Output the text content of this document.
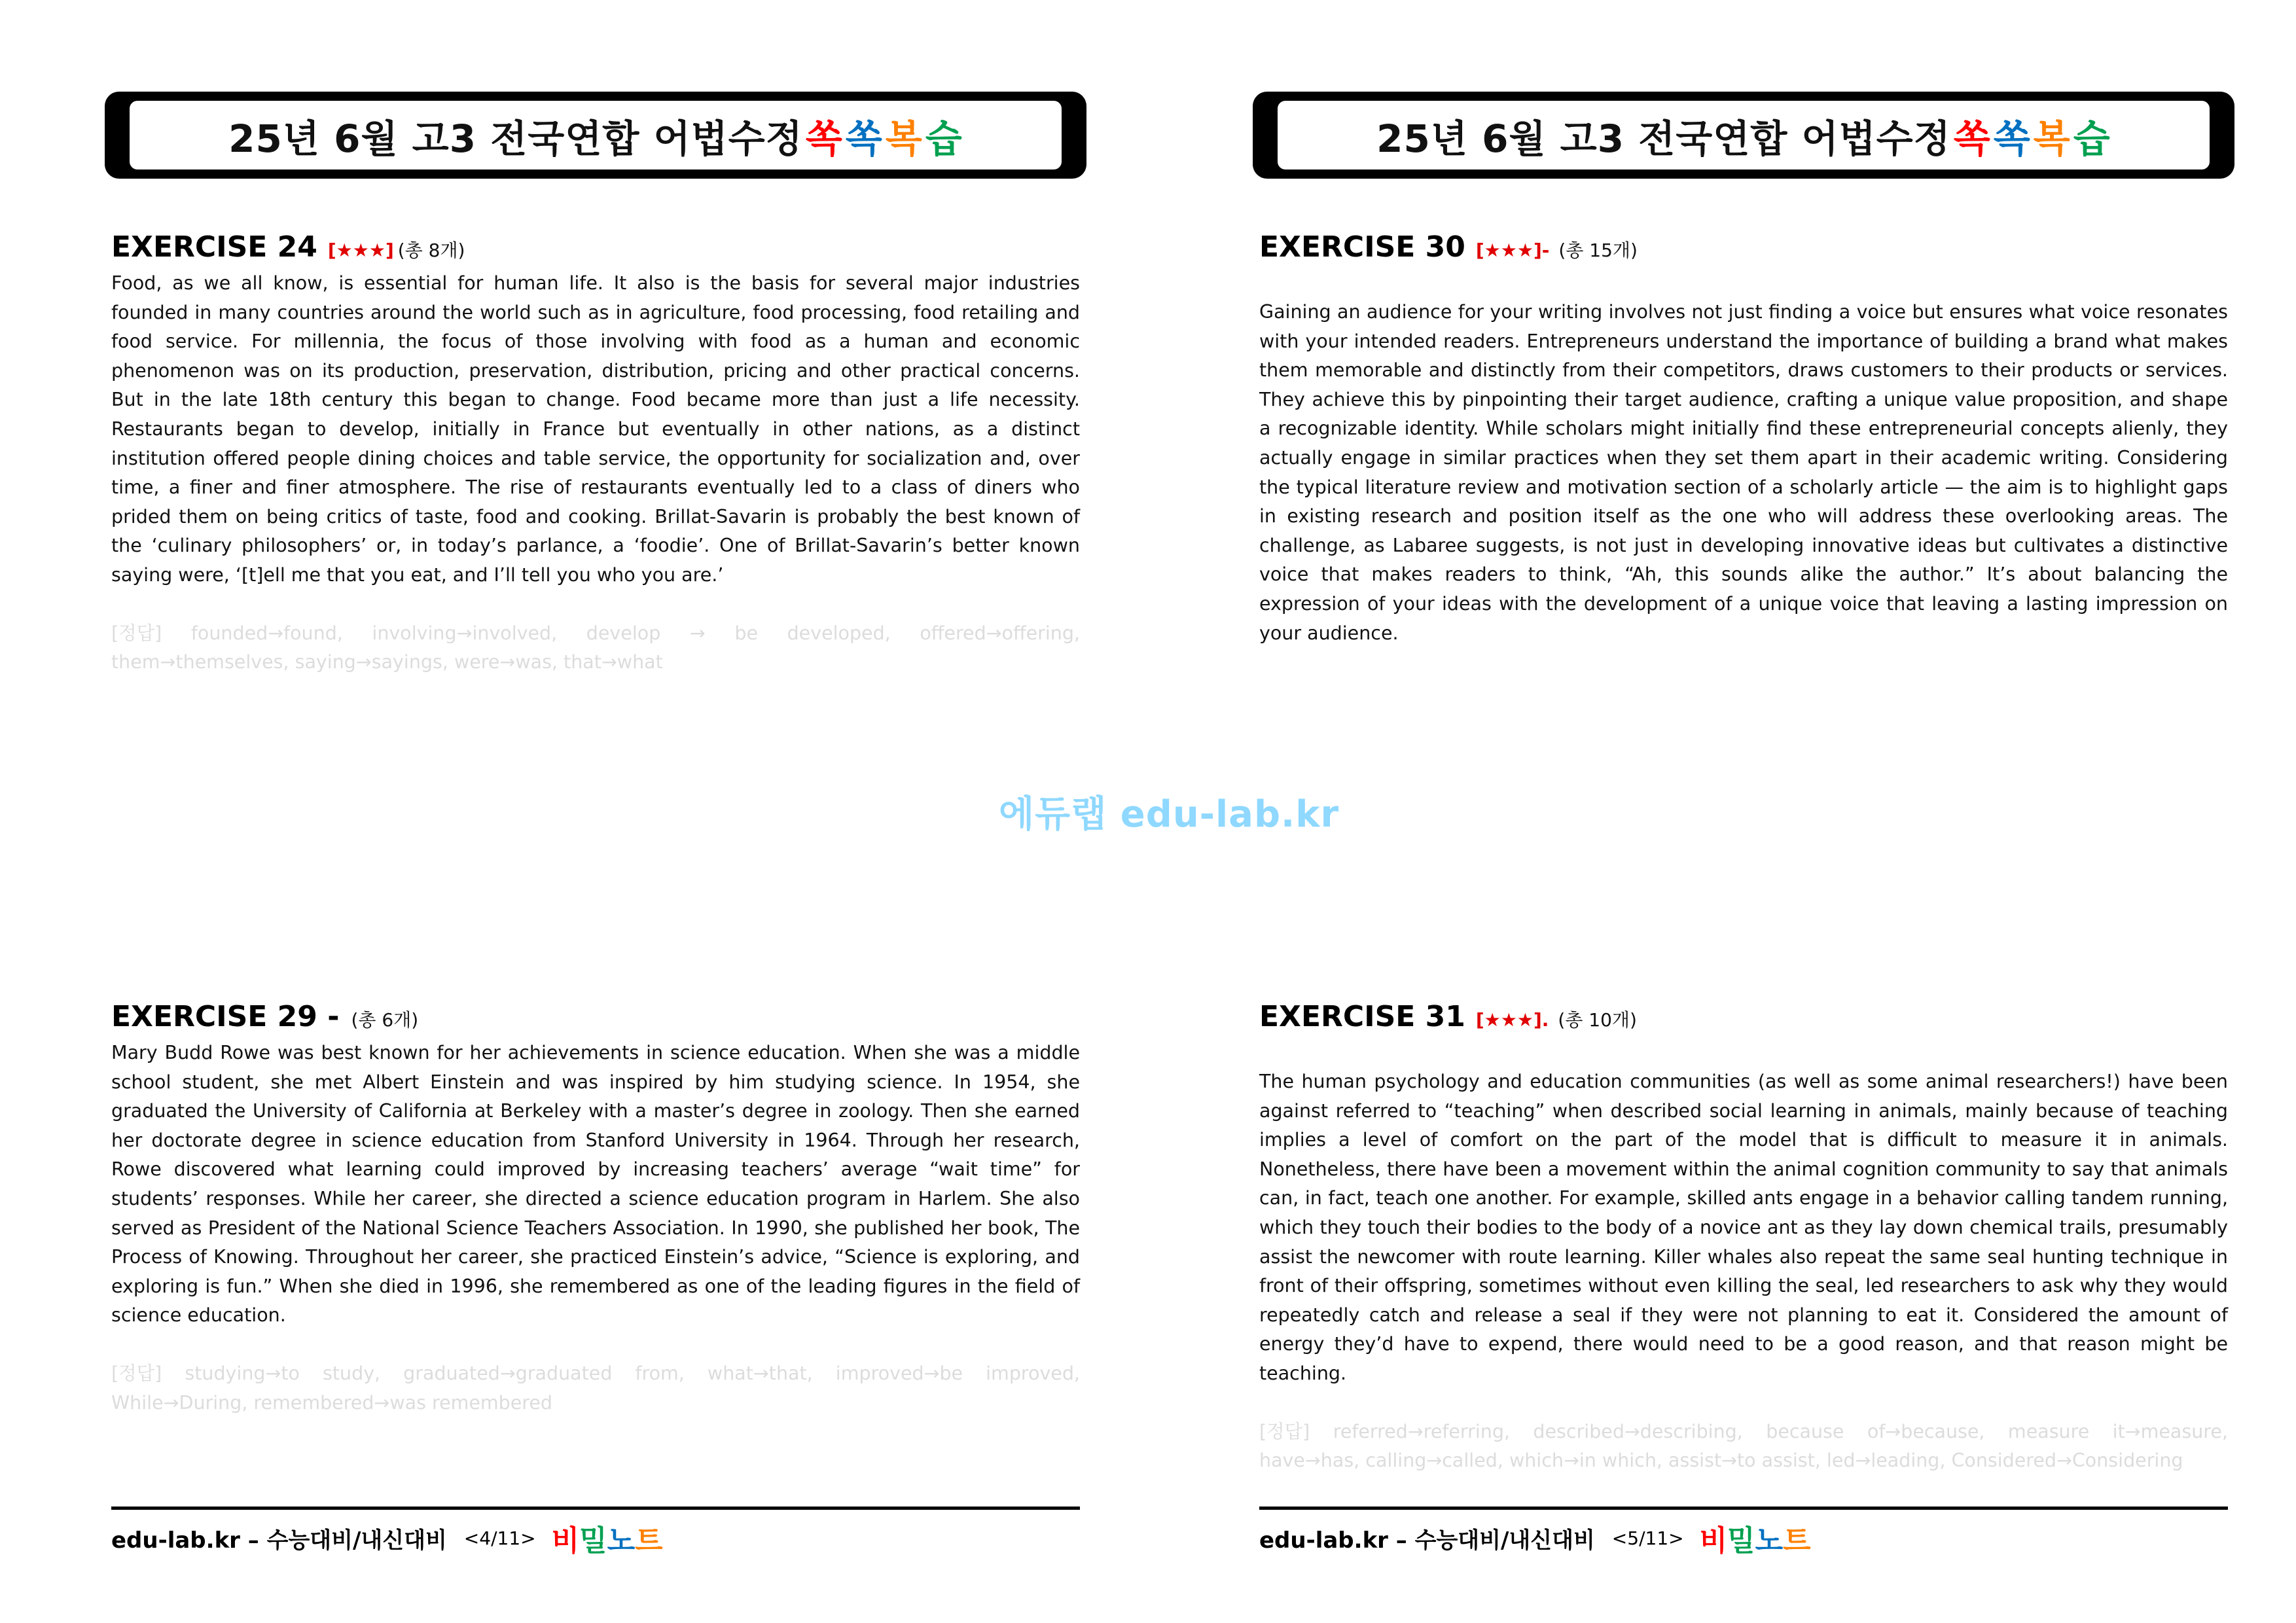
25년 6월 고3 전국연합 어법수정 쏙 쏙 복 습
EXERCISE 24 [★★★] (총 8개)

Food, as we all know, is essential for human life. It also is the basis for several major industries founded in many countries around the world such as in agriculture, food processing, food retailing and food service. For millennia, the focus of those involving with food as a human and economic phenomenon was on its production, preservation, distribution, pricing and other practical concerns. But in the late 18th century this began to change. Food became more than just a life necessity. Restaurants began to develop, initially in France but eventually in other nations, as a distinct institution offered people dining choices and table service, the opportunity for socialization and, over time, a finer and finer atmosphere. The rise of restaurants eventually led to a class of diners who prided them on being critics of taste, food and cooking. Brillat-Savarin is probably the best known of the ‘culinary philosophers’ or, in today’s parlance, a ‘foodie’. One of Brillat-Savarin’s better known saying were, ‘[t]ell me that you eat, and I’ll tell you who you are.’

[정답] founded→found, involving→involved, develop → be developed, offered→offering, them→themselves, saying→sayings, were→was, that→what

EXERCISE 29 - (총 6개)

Mary Budd Rowe was best known for her achievements in science education. When she was a middle school student, she met Albert Einstein and was inspired by him studying science. In 1954, she graduated the University of California at Berkeley with a master’s degree in zoology. Then she earned her doctorate degree in science education from Stanford University in 1964. Through her research, Rowe discovered what learning could improved by increasing teachers’ average “wait time” for students’ responses. While her career, she directed a science education program in Harlem. She also served as President of the National Science Teachers Association. In 1990, she published her book, The Process of Knowing. Throughout her career, she practiced Einstein’s advice, “Science is exploring, and exploring is fun.” When she died in 1996, she remembered as one of the leading figures in the field of science education.

[정답] studying→to study, graduated→graduated from, what→that, improved→be improved, While→During, remembered→was remembered

edu-lab.kr – 수능대비/내신대비 <4/11> 비밀노트
25년 6월 고3 전국연합 어법수정 쏙 쏙 복 습
EXERCISE 30 [★★★]- (총 15개)

Gaining an audience for your writing involves not just finding a voice but ensures what voice resonates with your intended readers. Entrepreneurs understand the importance of building a brand what makes them memorable and distinctly from their competitors, draws customers to their products or services. They achieve this by pinpointing their target audience, crafting a unique value proposition, and shape a recognizable identity. While scholars might initially find these entrepreneurial concepts alienly, they actually engage in similar practices when they set them apart in their academic writing. Considering the typical literature review and motivation section of a scholarly article — the aim is to highlight gaps in existing research and position itself as the one who will address these overlooking areas. The challenge, as Labaree suggests, is not just in developing innovative ideas but cultivates a distinctive voice that makes readers to think, “Ah, this sounds alike the author.” It’s about balancing the expression of your ideas with the development of a unique voice that leaving a lasting impression on your audience.

EXERCISE 31 [★★★]. (총 10개)

The human psychology and education communities (as well as some animal researchers!) have been against referred to “teaching” when described social learning in animals, mainly because of teaching implies a level of comfort on the part of the model that is difficult to measure it in animals. Nonetheless, there have been a movement within the animal cognition community to say that animals can, in fact, teach one another. For example, skilled ants engage in a behavior calling tandem running, which they touch their bodies to the body of a novice ant as they lay down chemical trails, presumably assist the newcomer with route learning. Killer whales also repeat the same seal hunting technique in front of their offspring, sometimes without even killing the seal, led researchers to ask why they would repeatedly catch and release a seal if they were not planning to eat it. Considered the amount of energy they’d have to expend, there would need to be a good reason, and that reason might be teaching.

[정답] referred→referring, described→describing, because of→because, measure it→measure, have→has, calling→called, which→in which, assist→to assist, led→leading, Considered→Considering

edu-lab.kr – 수능대비/내신대비 <5/11> 비밀노트
에듀랩 edu-lab.kr
